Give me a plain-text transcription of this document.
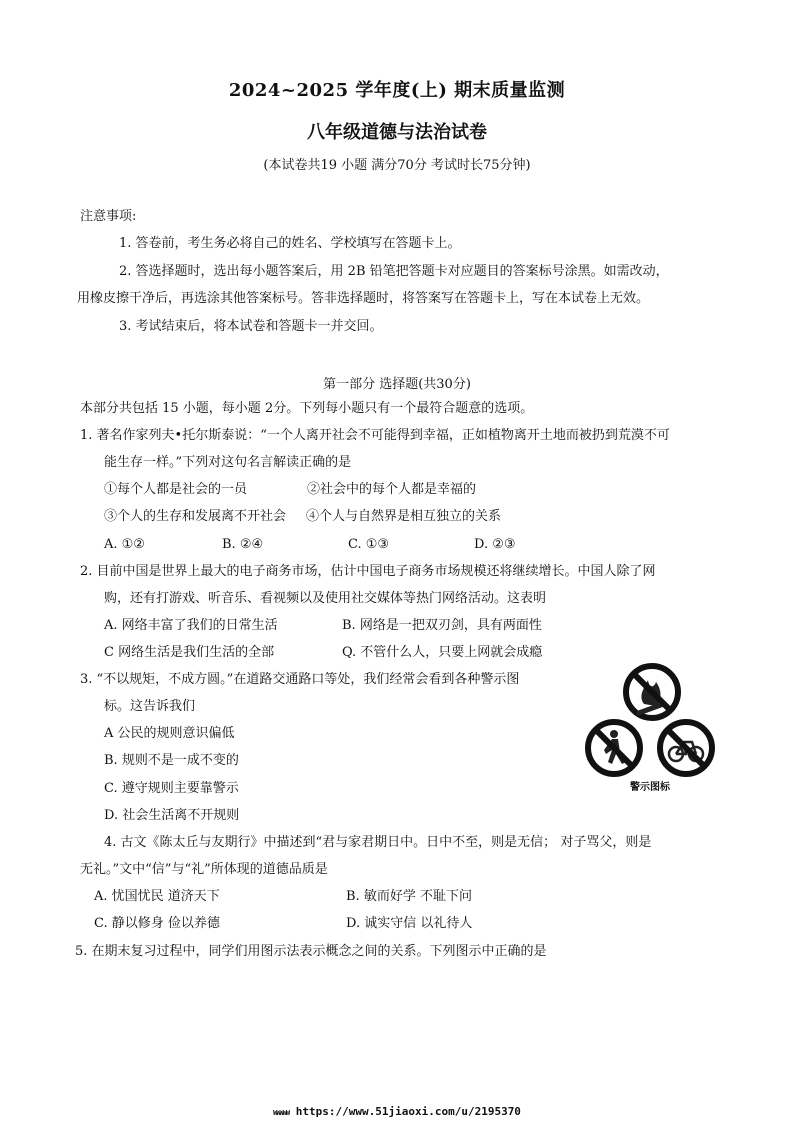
2024~2025 学年度(上) 期末质量监测
八年级道德与法治试卷
(本试卷共19 小题 满分70分 考试时长75分钟)
注意事项:
1. 答卷前，考生务必将自己的姓名、学校填写在答题卡上。
2. 答选择题时，选出每小题答案后，用 2B 铅笔把答题卡对应题目的答案标号涂黑。如需改动，
用橡皮擦干净后，再选涂其他答案标号。答非选择题时，将答案写在答题卡上，写在本试卷上无效。
3. 考试结束后，将本试卷和答题卡一并交回。
第一部分 选择题(共30分)
本部分共包括 15 小题，每小题 2分。下列每小题只有一个最符合题意的选项。
1. 著名作家列夫•托尔斯泰说：“一个人离开社会不可能得到幸福，正如植物离开土地而被扔到荒漠不可
能生存一样。”下列对这句名言解读正确的是
①每个人都是社会的一员	②社会中的每个人都是幸福的
③个人的生存和发展离不开社会 ④个人与自然界是相互独立的关系
A. ①②	B. ②④	C. ①③	D. ②③
2. 目前中国是世界上最大的电子商务市场，估计中国电子商务市场规模还将继续增长。中国人除了网
购，还有打游戏、听音乐、看视频以及使用社交媒体等热门网络活动。这表明
A. 网络丰富了我们的日常生活	B. 网络是一把双刃剑，具有两面性
C 网络生活是我们生活的全部	Q. 不管什么人，只要上网就会成瘾
3. “不以规矩，不成方圆。”在道路交通路口等处，我们经常会看到各种警示图
标。这告诉我们
A 公民的规则意识偏低
B. 规则不是一成不变的
C. 遵守规则主要靠警示
D. 社会生活离不开规则
警示图标
4. 古文《陈太丘与友期行》中描述到“君与家君期日中。日中不至，则是无信； 对子骂父，则是
无礼。”文中“信”与“礼”所体现的道德品质是
A. 忧国忧民 道济天下	B. 敏而好学 不耻下问
C. 静以修身 俭以养德	D. 诚实守信 以礼待人
5. 在期末复习过程中，同学们用图示法表示概念之间的关系。下列图示中正确的是
WWWWW https://www.51jiaoxi.com/u/2195370
